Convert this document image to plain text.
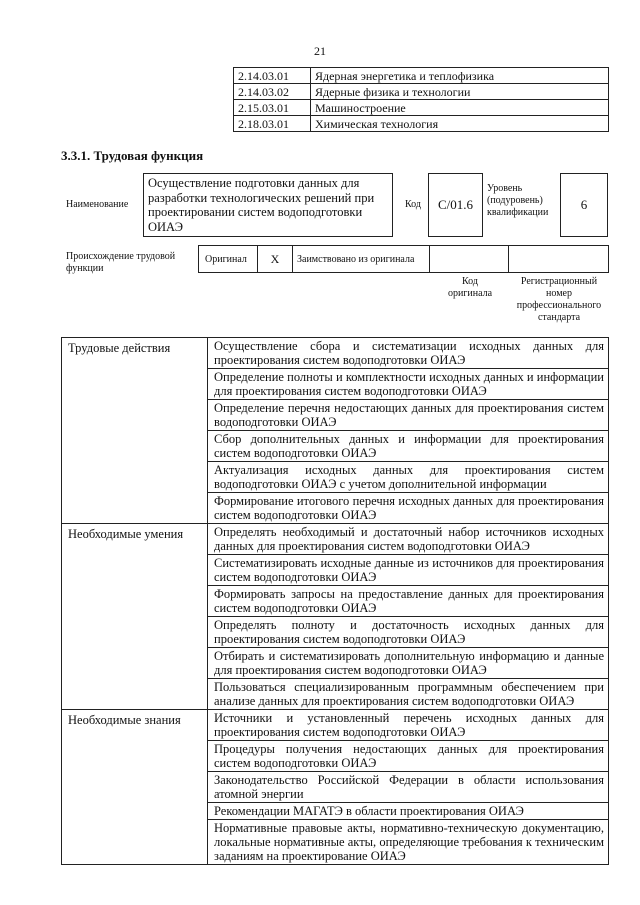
21
	2.14.03.01	Ядерная энергетика и теплофизика
	2.14.03.02	Ядерные физика и технологии
	2.15.03.01	Машиностроение
	2.18.03.01	Химическая технология
3.3.1. Трудовая функция
Наименование
Осуществление подготовки данных для разработки технологических решений при проектировании систем водоподготовки ОИАЭ
Код	С/01.6
Уровень (подуровень) квалификации
6
Происхождение трудовой функции
Оригинал	X	Заимствовано из оригинала
Код оригинала
Регистрационный номер профессионального стандарта
Трудовые действия	Осуществление сбора и систематизации исходных данных для проектирования систем водоподготовки ОИАЭ
	Определение полноты и комплектности исходных данных и информации для проектирования систем водоподготовки ОИАЭ
	Определение перечня недостающих данных для проектирования систем водоподготовки ОИАЭ
	Сбор дополнительных данных и информации для проектирования систем водоподготовки ОИАЭ
	Актуализация исходных данных для проектирования систем водоподготовки ОИАЭ с учетом дополнительной информации
	Формирование итогового перечня исходных данных для проектирования систем водоподготовки ОИАЭ
Необходимые умения	Определять необходимый и достаточный набор источников исходных данных для проектирования систем водоподготовки ОИАЭ
	Систематизировать исходные данные из источников для проектирования систем водоподготовки ОИАЭ
	Формировать запросы на предоставление данных для проектирования систем водоподготовки ОИАЭ
	Определять полноту и достаточность исходных данных для проектирования систем водоподготовки ОИАЭ
	Отбирать и систематизировать дополнительную информацию и данные для проектирования систем водоподготовки ОИАЭ
	Пользоваться специализированным программным обеспечением при анализе данных для проектирования систем водоподготовки ОИАЭ
Необходимые знания	Источники и установленный перечень исходных данных для проектирования систем водоподготовки ОИАЭ
	Процедуры получения недостающих данных для проектирования систем водоподготовки ОИАЭ
	Законодательство Российской Федерации в области использования атомной энергии
	Рекомендации МАГАТЭ в области проектирования ОИАЭ
	Нормативные правовые акты, нормативно-техническую документацию, локальные нормативные акты, определяющие требования к техническим заданиям на проектирование ОИАЭ
